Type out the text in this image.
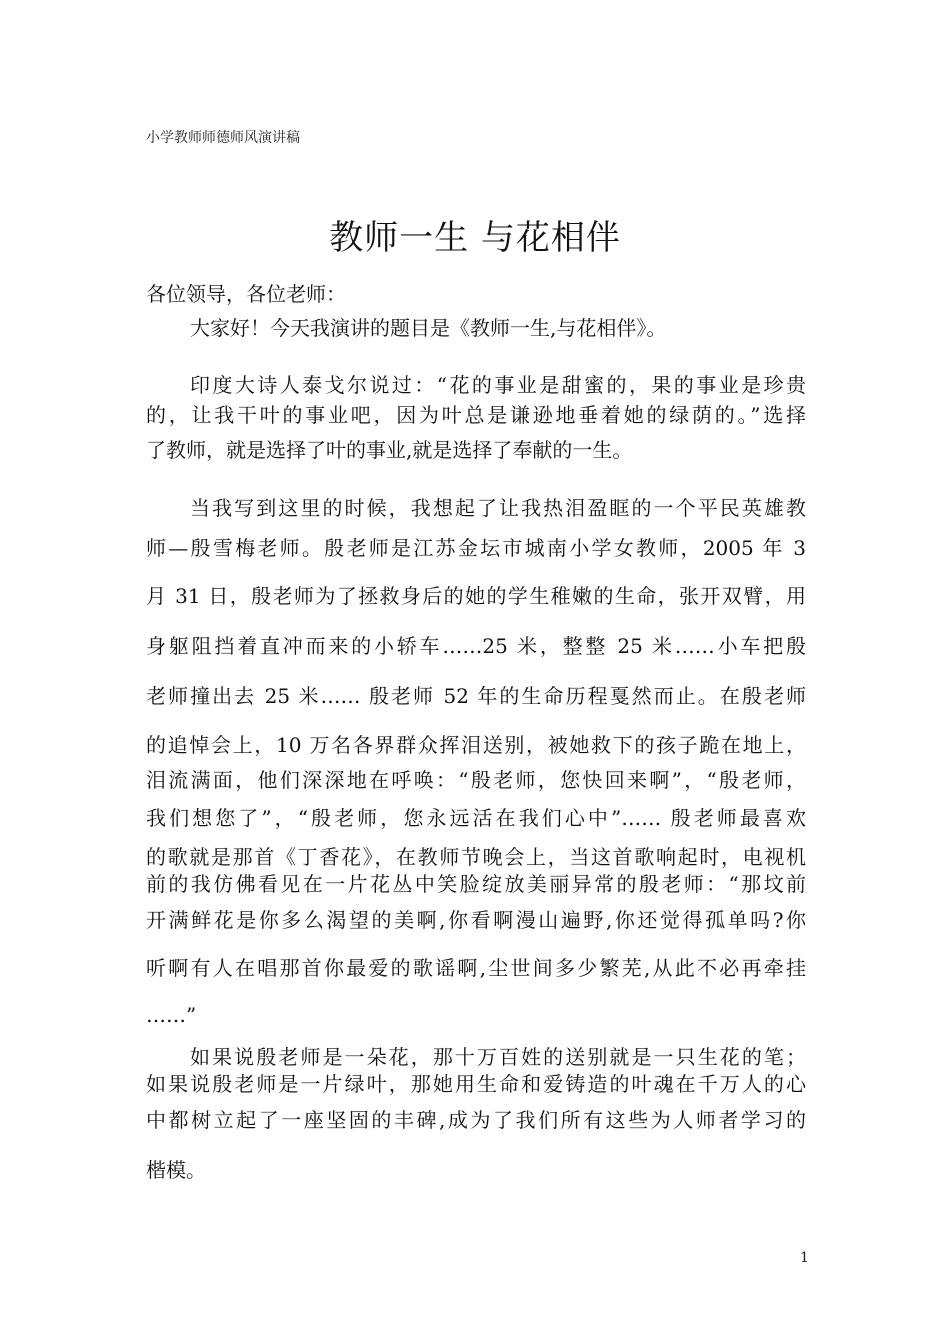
小学教师师德师风演讲稿
教师一生 与花相伴
各位领导，各位老师：
大家好！今天我演讲的题目是《教师一生,与花相伴》。
印度大诗人泰戈尔说过：“花的事业是甜蜜的，果的事业是珍贵
的，让我干叶的事业吧，因为叶总是谦逊地垂着她的绿荫的。”选择
了教师，就是选择了叶的事业,就是选择了奉献的一生。
当我写到这里的时候，我想起了让我热泪盈眶的一个平民英雄教
师—殷雪梅老师。殷老师是江苏金坛市城南小学女教师，2005 年 3
月 31 日，殷老师为了拯救身后的她的学生稚嫩的生命，张开双臂，用
身躯阻挡着直冲而来的小轿车……25 米，整整 25 米……小车把殷
老师撞出去 25 米…… 殷老师 52 年的生命历程戛然而止。在殷老师
的追悼会上，10 万名各界群众挥泪送别，被她救下的孩子跪在地上，
泪流满面，他们深深地在呼唤：“殷老师，您快回来啊”，“殷老师，
我们想您了”，“殷老师，您永远活在我们心中”…… 殷老师最喜欢
的歌就是那首《丁香花》，在教师节晚会上，当这首歌响起时，电视机
前的我仿佛看见在一片花丛中笑脸绽放美丽异常的殷老师：“那坟前
开满鲜花是你多么渴望的美啊,你看啊漫山遍野,你还觉得孤单吗?你
听啊有人在唱那首你最爱的歌谣啊,尘世间多少繁芜,从此不必再牵挂
……”
如果说殷老师是一朵花，那十万百姓的送别就是一只生花的笔；
如果说殷老师是一片绿叶，那她用生命和爱铸造的叶魂在千万人的心
中都树立起了一座坚固的丰碑,成为了我们所有这些为人师者学习的
楷模。
1
